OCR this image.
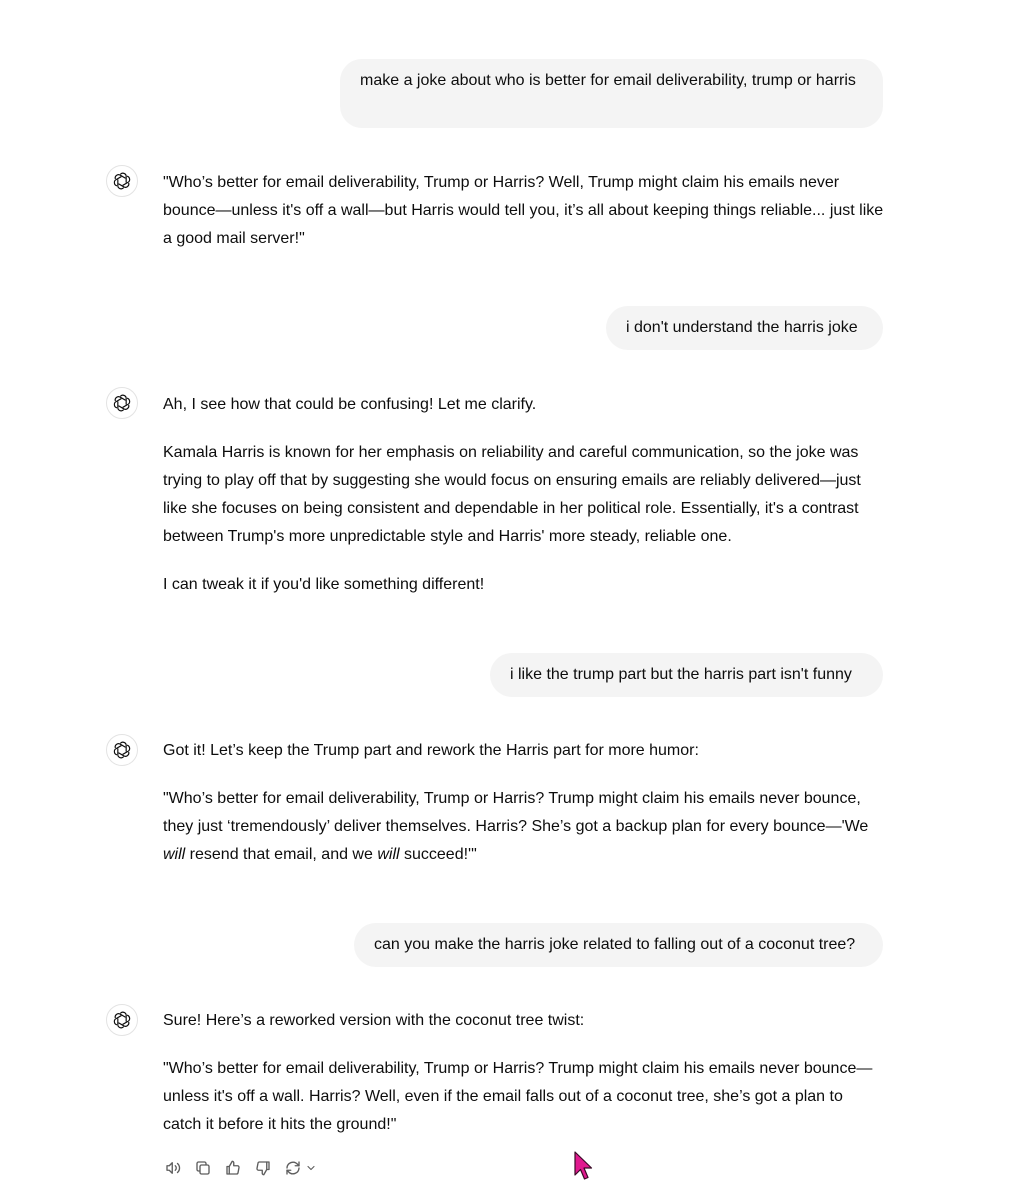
make a joke about who is better for email deliverability, trump or harris

"Who’s better for email deliverability, Trump or Harris? Well, Trump might claim his emails never bounce—unless it's off a wall—but Harris would tell you, it’s all about keeping things reliable... just like a good mail server!"

i don't understand the harris joke

Ah, I see how that could be confusing! Let me clarify.

Kamala Harris is known for her emphasis on reliability and careful communication, so the joke was trying to play off that by suggesting she would focus on ensuring emails are reliably delivered—just like she focuses on being consistent and dependable in her political role. Essentially, it's a contrast between Trump's more unpredictable style and Harris' more steady, reliable one.

I can tweak it if you'd like something different!

i like the trump part but the harris part isn't funny

Got it! Let’s keep the Trump part and rework the Harris part for more humor:

"Who’s better for email deliverability, Trump or Harris? Trump might claim his emails never bounce, they just ‘tremendously’ deliver themselves. Harris? She’s got a backup plan for every bounce—'We will resend that email, and we will succeed!'"

can you make the harris joke related to falling out of a coconut tree?

Sure! Here’s a reworked version with the coconut tree twist:

"Who’s better for email deliverability, Trump or Harris? Trump might claim his emails never bounce—unless it's off a wall. Harris? Well, even if the email falls out of a coconut tree, she’s got a plan to catch it before it hits the ground!"
